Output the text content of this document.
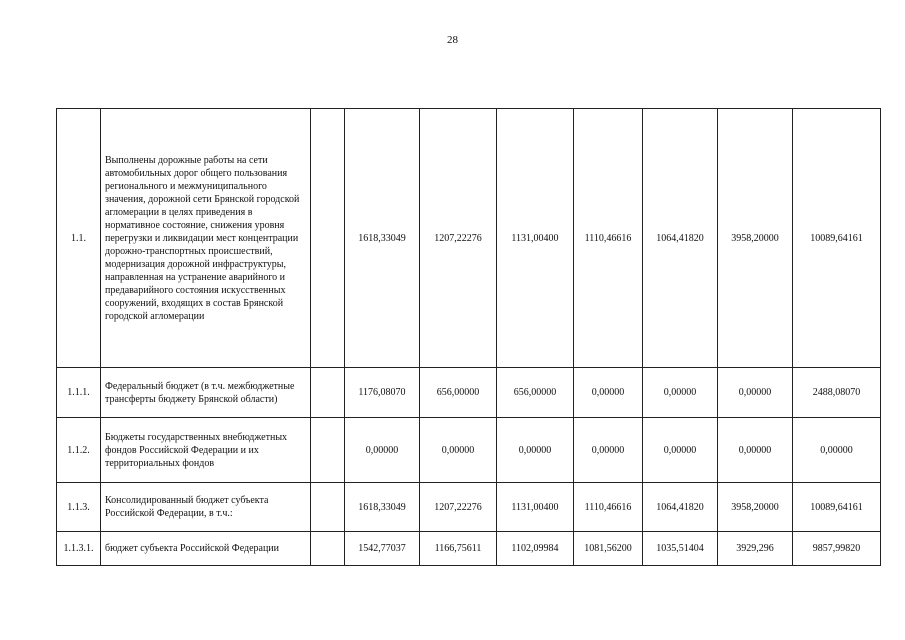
28
1.1.	Выполнены дорожные работы на сети автомобильных дорог общего пользования регионального и межмуниципального значения, дорожной сети Брянской городской агломерации в целях приведения в нормативное состояние, снижения уровня перегрузки и ликвидации мест концентрации дорожно-транспортных происшествий, модернизация дорожной инфраструктуры, направленная на устранение аварийного и предаварийного состояния искусственных сооружений, входящих в состав Брянской городской агломерации		1618,33049	1207,22276	1131,00400	1110,46616	1064,41820	3958,20000	10089,64161
1.1.1.	Федеральный бюджет (в т.ч. межбюджетные трансферты бюджету Брянской области)		1176,08070	656,00000	656,00000	0,00000	0,00000	0,00000	2488,08070
1.1.2.	Бюджеты государственных внебюджетных фондов Российской Федерации и их территориальных фондов		0,00000	0,00000	0,00000	0,00000	0,00000	0,00000	0,00000
1.1.3.	Консолидированный бюджет субъекта Российской Федерации, в т.ч.:		1618,33049	1207,22276	1131,00400	1110,46616	1064,41820	3958,20000	10089,64161
1.1.3.1.	бюджет субъекта Российской Федерации		1542,77037	1166,75611	1102,09984	1081,56200	1035,51404	3929,296	9857,99820
